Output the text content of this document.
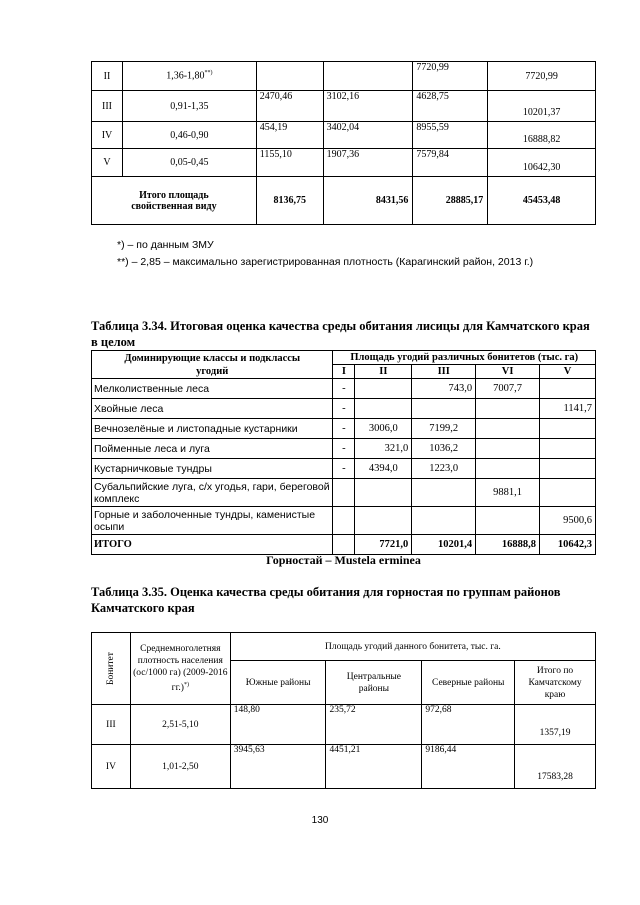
II	1,36-1,80**)			7720,99	7720,99
III	0,91-1,35	2470,46	3102,16	4628,75	10201,37
IV	0,46-0,90	454,19	3402,04	8955,59	16888,82
V	0,05-0,45	1155,10	1907,36	7579,84	10642,30
Итого площадь свойственная виду		8136,75	8431,56	28885,17	45453,48
*) – по данным ЗМУ
**) – 2,85 – максимально зарегистрированная плотность (Карагинский район, 2013 г.)
Таблица 3.34. Итоговая оценка качества среды обитания лисицы для Камчатского края в целом
Доминирующие классы и подклассы угодий	Площадь угодий различных бонитетов (тыс. га)				
	I	II	III	VI	V
Мелколиственные леса	-		743,0	7007,7	
Хвойные леса	-				1141,7
Вечнозелёные и листопадные кустарники	-	3006,0	7199,2		
Пойменные леса и луга	-	321,0	1036,2		
Кустарничковые тундры	-	4394,0	1223,0		
Субальпийские луга, с/х угодья, гари, береговой комплекс				9881,1	
Горные и заболоченные тундры, каменистые осыпи					9500,6
ИТОГО		7721,0	10201,4	16888,8	10642,3
Горностай – Mustela erminea
Таблица 3.35. Оценка качества среды обитания для горностая по группам районов Камчатского края
Бонитет	Среднемноголетняя плотность населения (ос/1000 га) (2009-2016 гг.)*)	Площадь угодий данного бонитета, тыс. га.			
		Южные районы	Центральные районы	Северные районы	Итого по Камчатскому краю
III	2,51-5,10	148,80	235,72	972,68	1357,19
IV	1,01-2,50	3945,63	4451,21	9186,44	17583,28
130
